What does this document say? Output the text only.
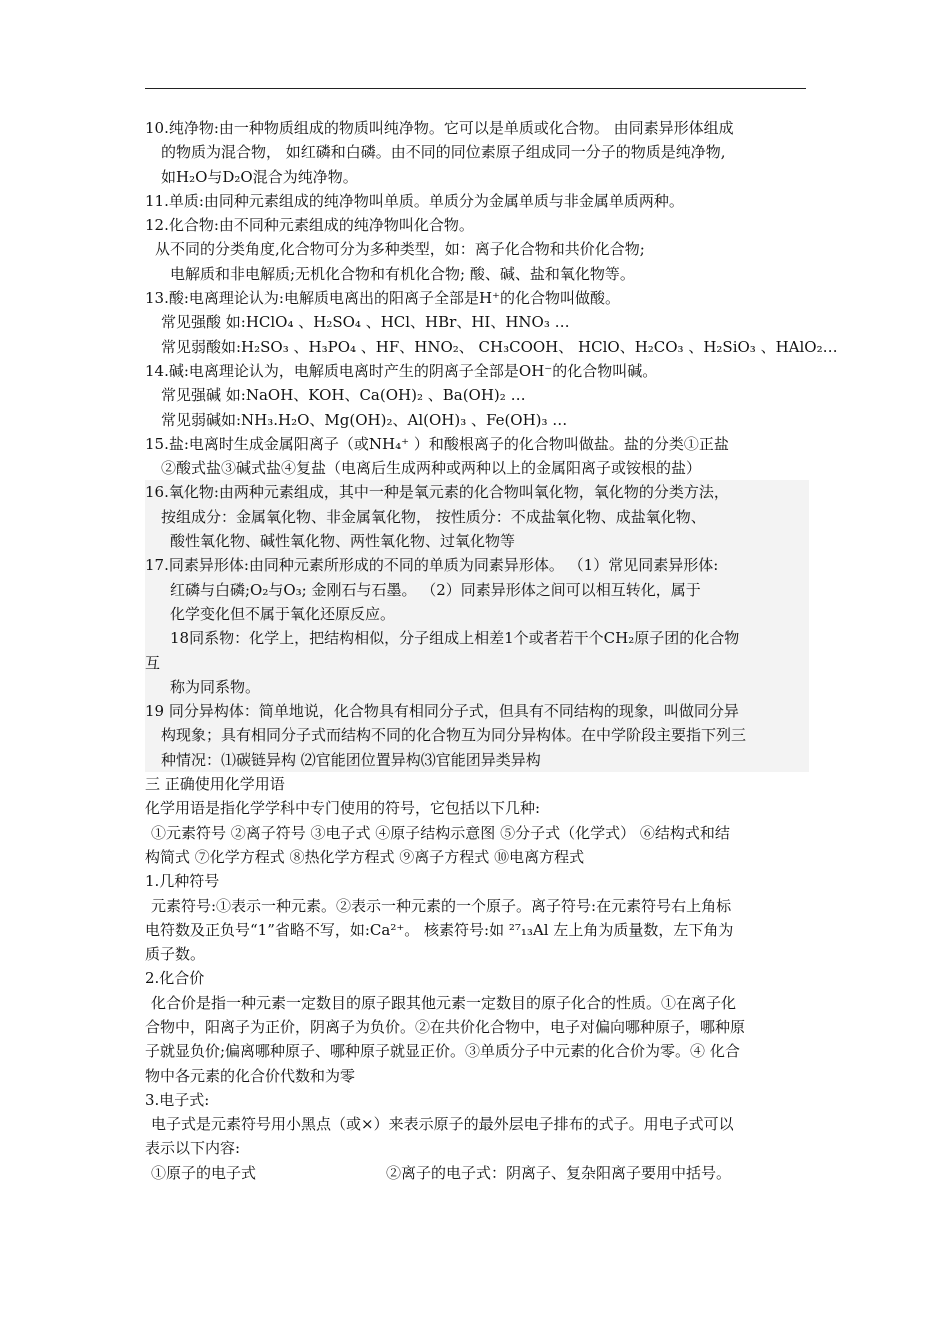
10.纯净物:由一种物质组成的物质叫纯净物。它可以是单质或化合物。 由同素异形体组成
的物质为混合物， 如红磷和白磷。由不同的同位素原子组成同一分子的物质是纯净物,
如H₂O与D₂O混合为纯净物。
11.单质:由同种元素组成的纯净物叫单质。单质分为金属单质与非金属单质两种。
12.化合物:由不同种元素组成的纯净物叫化合物。
从不同的分类角度,化合物可分为多种类型，如：离子化合物和共价化合物;
电解质和非电解质;无机化合物和有机化合物; 酸、碱、盐和氧化物等。
13.酸:电离理论认为:电解质电离出的阳离子全部是H⁺的化合物叫做酸。
常见强酸 如:HClO₄ 、H₂SO₄ 、HCl、HBr、HI、HNO₃ …
常见弱酸如:H₂SO₃ 、H₃PO₄ 、HF、HNO₂、 CH₃COOH、 HClO、H₂CO₃ 、H₂SiO₃ 、HAlO₂…
14.碱:电离理论认为，电解质电离时产生的阴离子全部是OH⁻的化合物叫碱。
常见强碱 如:NaOH、KOH、Ca(OH)₂ 、Ba(OH)₂ …
常见弱碱如:NH₃.H₂O、Mg(OH)₂、Al(OH)₃ 、Fe(OH)₃ …
15.盐:电离时生成金属阳离子（或NH₄⁺ ）和酸根离子的化合物叫做盐。盐的分类①正盐
②酸式盐③碱式盐④复盐（电离后生成两种或两种以上的金属阳离子或铵根的盐）
16.氧化物:由两种元素组成，其中一种是氧元素的化合物叫氧化物，氧化物的分类方法，
按组成分：金属氧化物、非金属氧化物， 按性质分：不成盐氧化物、成盐氧化物、
酸性氧化物、碱性氧化物、两性氧化物、过氧化物等
17.同素异形体:由同种元素所形成的不同的单质为同素异形体。 （1）常见同素异形体:
红磷与白磷;O₂与O₃; 金刚石与石墨。 （2）同素异形体之间可以相互转化，属于
化学变化但不属于氧化还原反应。
18同系物：化学上，把结构相似，分子组成上相差1个或者若干个CH₂原子团的化合物
互
称为同系物。
19 同分异构体：简单地说，化合物具有相同分子式，但具有不同结构的现象，叫做同分异
构现象；具有相同分子式而结构不同的化合物互为同分异构体。在中学阶段主要指下列三
种情况：⑴碳链异构 ⑵官能团位置异构⑶官能团异类异构
三 正确使用化学用语
化学用语是指化学学科中专门使用的符号，它包括以下几种:
①元素符号 ②离子符号 ③电子式 ④原子结构示意图 ⑤分子式（化学式） ⑥结构式和结
构简式 ⑦化学方程式 ⑧热化学方程式 ⑨离子方程式 ⑩电离方程式
1.几种符号
元素符号:①表示一种元素。②表示一种元素的一个原子。离子符号:在元素符号右上角标
电符数及正负号“1”省略不写，如:Ca²⁺。 核素符号:如 ²⁷₁₃Al 左上角为质量数，左下角为
质子数。
2.化合价
化合价是指一种元素一定数目的原子跟其他元素一定数目的原子化合的性质。①在离子化
合物中，阳离子为正价，阴离子为负价。②在共价化合物中，电子对偏向哪种原子，哪种原
子就显负价;偏离哪种原子、哪种原子就显正价。③单质分子中元素的化合价为零。④ 化合
物中各元素的化合价代数和为零
3.电子式:
电子式是元素符号用小黑点（或×）来表示原子的最外层电子排布的式子。用电子式可以
表示以下内容:
①原子的电子式	②离子的电子式：阴离子、复杂阳离子要用中括号。
